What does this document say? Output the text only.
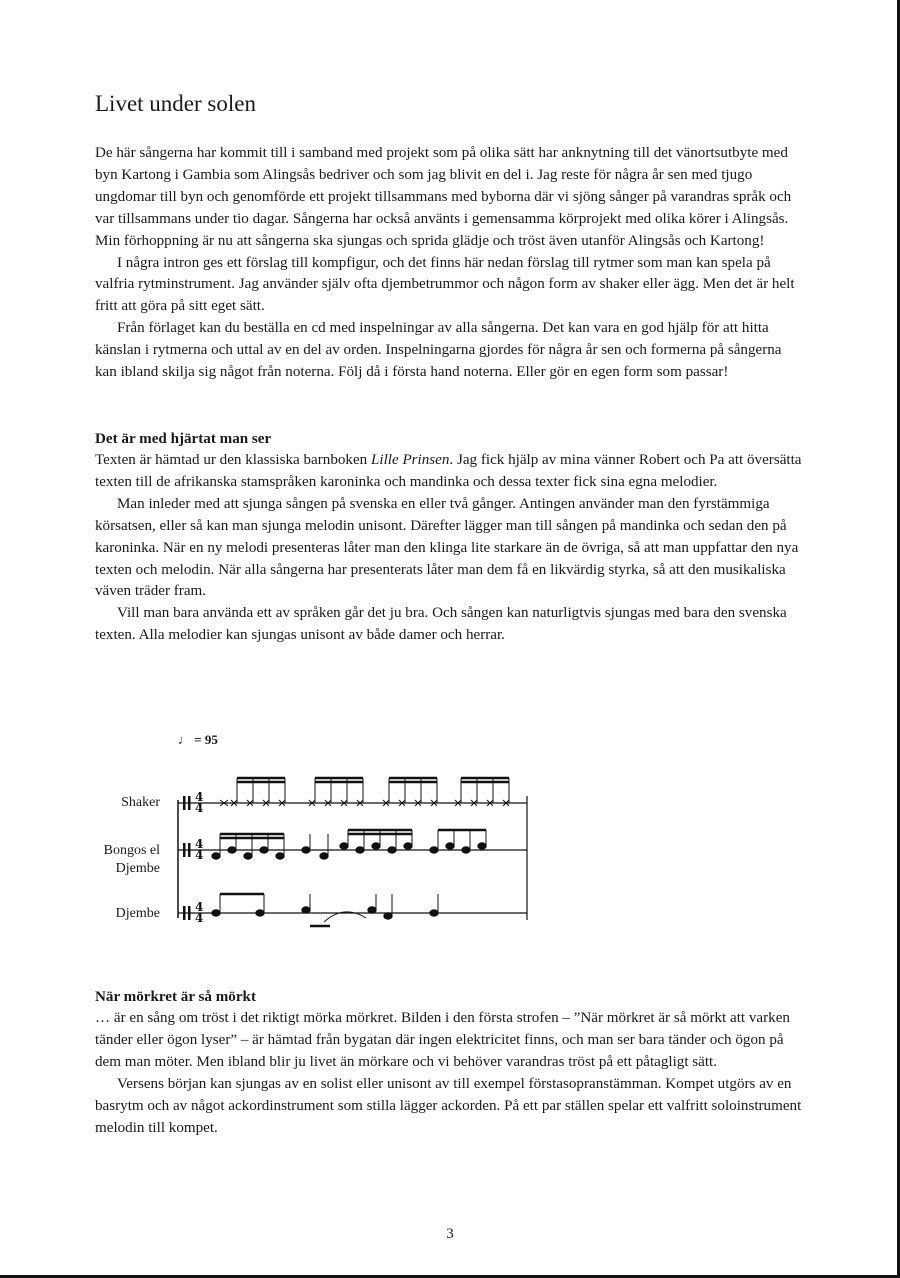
Livet under solen

De här sångerna har kommit till i samband med projekt som på olika sätt har anknytning till det vänortsutbyte med byn Kartong i Gambia som Alingsås bedriver och som jag blivit en del i. Jag reste för några år sen med tjugo ungdomar till byn och genomförde ett projekt tillsammans med byborna där vi sjöng sånger på varandras språk och var tillsammans under tio dagar. Sångerna har också använts i gemensamma körprojekt med olika körer i Alingsås. Min förhoppning är nu att sångerna ska sjungas och sprida glädje och tröst även utanför Alingsås och Kartong!

I några intron ges ett förslag till kompfigur, och det finns här nedan förslag till rytmer som man kan spela på valfria rytminstrument. Jag använder själv ofta djembetrummor och någon form av shaker eller ägg. Men det är helt fritt att göra på sitt eget sätt.

Från förlaget kan du beställa en cd med inspelningar av alla sångerna. Det kan vara en god hjälp för att hitta känslan i rytmerna och uttal av en del av orden. Inspelningarna gjordes för några år sen och formerna på sångerna kan ibland skilja sig något från noterna. Följ då i första hand noterna. Eller gör en egen form som passar!

Det är med hjärtat man ser

Texten är hämtad ur den klassiska barnboken Lille Prinsen. Jag fick hjälp av mina vänner Robert och Pa att översätta texten till de afrikanska stamspråken karoninka och mandinka och dessa texter fick sina egna melodier.

Man inleder med att sjunga sången på svenska en eller två gånger. Antingen använder man den fyrstämmiga körsatsen, eller så kan man sjunga melodin unisont. Därefter lägger man till sången på mandinka och sedan den på karoninka. När en ny melodi presenteras låter man den klinga lite starkare än de övriga, så att man uppfattar den nya texten och melodin. När alla sångerna har presenterats låter man dem få en likvärdig styrka, så att den musikaliska väven träder fram.

Vill man bara använda ett av språken går det ju bra. Och sången kan naturligtvis sjungas med bara den svenska texten. Alla melodier kan sjungas unisont av både damer och herrar.

♩ = 95
Shaker
Bongos el
Djembe
Djembe
4
4
4
4
4
4
När mörkret är så mörkt

… är en sång om tröst i det riktigt mörka mörkret. Bilden i den första strofen – ”När mörkret är så mörkt att varken tänder eller ögon lyser” – är hämtad från bygatan där ingen elektricitet finns, och man ser bara tänder och ögon på dem man möter. Men ibland blir ju livet än mörkare och vi behöver varandras tröst på ett påtagligt sätt.

Versens början kan sjungas av en solist eller unisont av till exempel förstasopranstämman. Kompet utgörs av en basrytm och av något ackordinstrument som stilla lägger ackorden. På ett par ställen spelar ett valfritt soloinstrument melodin till kompet.

3
